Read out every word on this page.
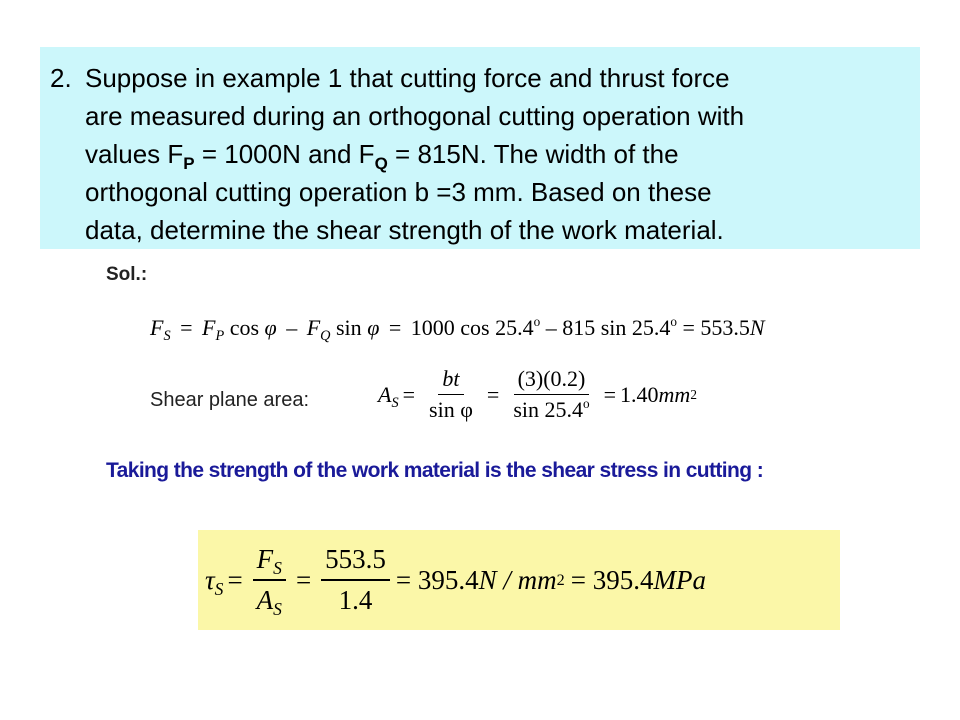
2. Suppose in example 1 that cutting force and thrust force
are measured during an orthogonal cutting operation with
values $F_P = 1000N$ and $F_Q = 815N$. The width of the
orthogonal cutting operation b =3 mm. Based on these
data, determine the shear strength of the work material.
Sol.:
$F_S = F_P$ cos φ – $F_Q$ sin φ = 1000 cos 25.4$^o$ – 815 $\sin 25.4^o = 553.5N$
Shear plane area:	$A_S = \frac{bt}{\text{sin φ}} = \frac{(3)(0.2)}{\sin 25.4^o} = 1.40$ mm 2
Taking the strength of the work material is the shear stress in cutting :
$\tau_S = \frac{F_S}{A_S} = \frac{553.5}{1.4} = 395.4$ N / mm 2 = 395.4 MPa
